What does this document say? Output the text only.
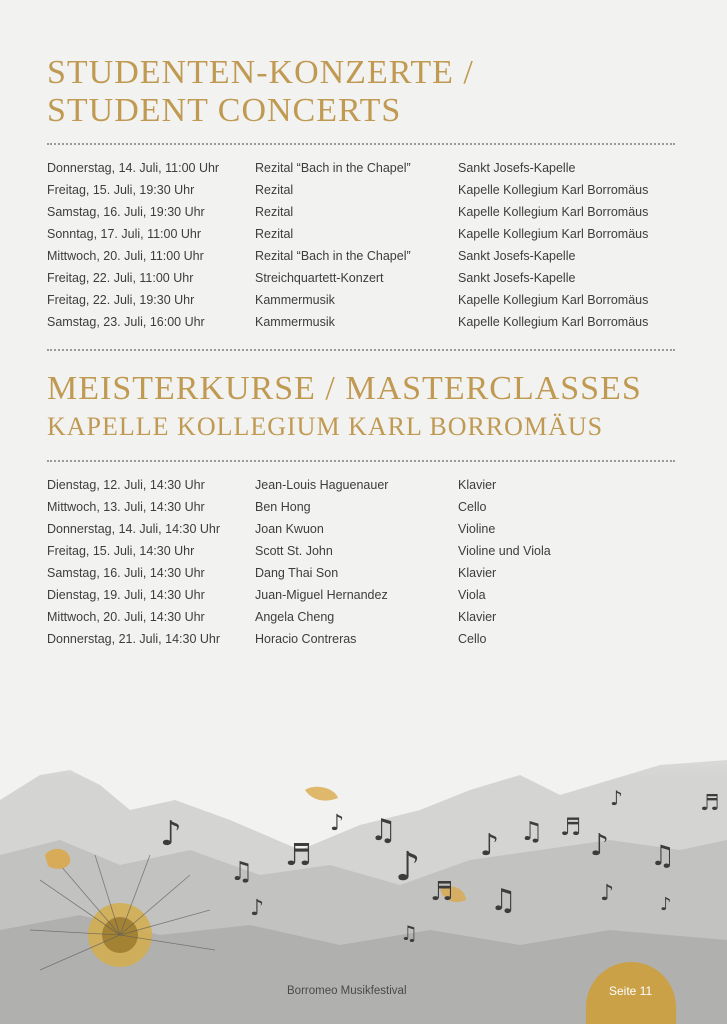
STUDENTEN-KONZERTE /
STUDENT CONCERTS
Donnerstag, 14. Juli, 11:00 Uhr	Rezital “Bach in the Chapel”	Sankt Josefs-Kapelle
Freitag, 15. Juli, 19:30 Uhr	Rezital	Kapelle Kollegium Karl Borromäus
Samstag, 16. Juli, 19:30 Uhr	Rezital	Kapelle Kollegium Karl Borromäus
Sonntag, 17. Juli, 11:00 Uhr	Rezital	Kapelle Kollegium Karl Borromäus
Mittwoch, 20. Juli, 11:00 Uhr	Rezital “Bach in the Chapel”	Sankt Josefs-Kapelle
Freitag, 22. Juli, 11:00 Uhr	Streichquartett-Konzert	Sankt Josefs-Kapelle
Freitag, 22. Juli, 19:30 Uhr	Kammermusik	Kapelle Kollegium Karl Borromäus
Samstag, 23. Juli, 16:00 Uhr	Kammermusik	Kapelle Kollegium Karl Borromäus
MEISTERKURSE / MASTERCLASSES
KAPELLE KOLLEGIUM KARL BORROMÄUS
Dienstag, 12. Juli, 14:30 Uhr	Jean-Louis Haguenauer	Klavier
Mittwoch, 13. Juli, 14:30 Uhr	Ben Hong	Cello
Donnerstag, 14. Juli, 14:30 Uhr	Joan Kwuon	Violine
Freitag, 15. Juli, 14:30 Uhr	Scott St. John	Violine und Viola
Samstag, 16. Juli, 14:30 Uhr	Dang Thai Son	Klavier
Dienstag, 19. Juli, 14:30 Uhr	Juan-Miguel Hernandez	Viola
Mittwoch, 20. Juli, 14:30 Uhr	Angela Cheng	Klavier
Donnerstag, 21. Juli, 14:30 Uhr	Horacio Contreras	Cello
♪
♫ ♬
♪ ♫
♪
♬
♪ ♫ ♬
♪ ♫
♪	♬
♪	♫	♪
♫
♪
Borromeo Musikfestival	Seite 11
